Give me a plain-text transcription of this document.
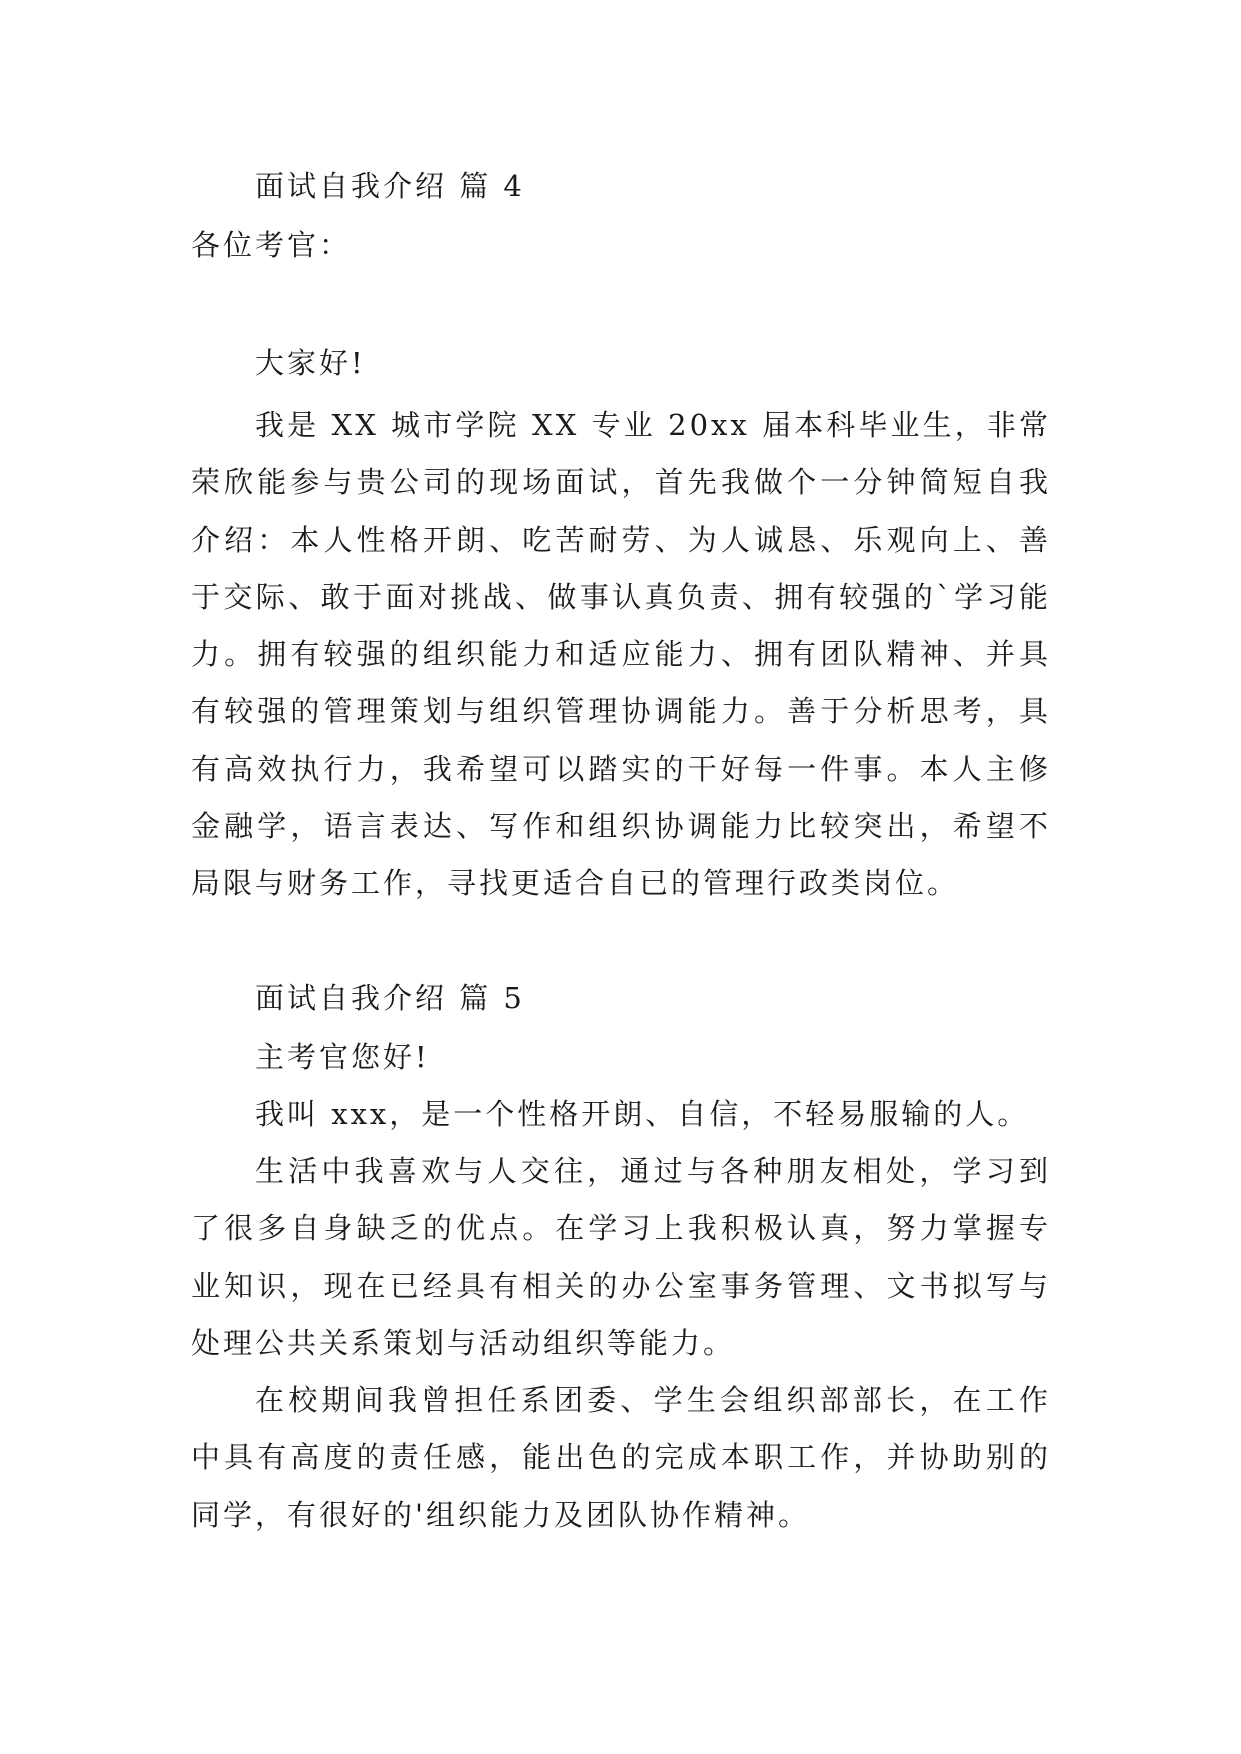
面试自我介绍 篇 4
各位考官：
大家好!
我是 XX 城市学院 XX 专业 20xx 届本科毕业生，非常荣欣能参与贵公司的现场面试，首先我做个一分钟简短自我介绍：本人性格开朗、吃苦耐劳、为人诚恳、乐观向上、善于交际、敢于面对挑战、做事认真负责、拥有较强的`学习能力。拥有较强的组织能力和适应能力、拥有团队精神、并具有较强的管理策划与组织管理协调能力。善于分析思考，具有高效执行力，我希望可以踏实的干好每一件事。本人主修金融学，语言表达、写作和组织协调能力比较突出，希望不局限与财务工作，寻找更适合自已的管理行政类岗位。
面试自我介绍 篇 5
主考官您好!
我叫 xxx，是一个性格开朗、自信，不轻易服输的人。
生活中我喜欢与人交往，通过与各种朋友相处，学习到了很多自身缺乏的优点。在学习上我积极认真，努力掌握专业知识，现在已经具有相关的办公室事务管理、文书拟写与处理公共关系策划与活动组织等能力。
在校期间我曾担任系团委、学生会组织部部长，在工作中具有高度的责任感，能出色的完成本职工作，并协助别的同学，有很好的'组织能力及团队协作精神。
